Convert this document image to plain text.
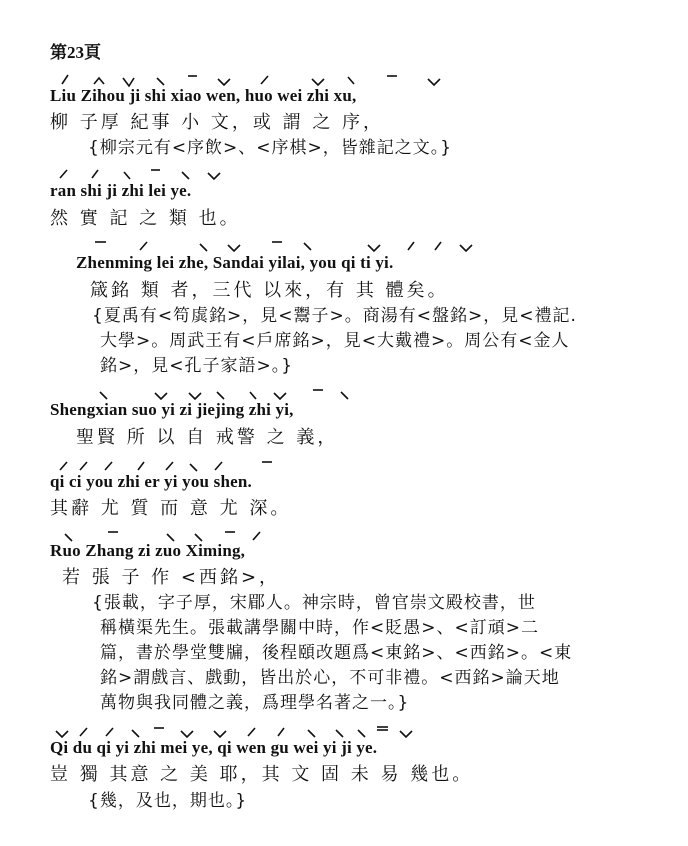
第23頁
Liu Zihou ji shi xiao wen, huo wei zhi xu,
柳 子厚 紀事 小 文，或 謂 之 序，
{柳宗元有<序飲>、<序棋>，皆雜記之文。}
ran shi ji zhi lei ye.
然 實 記 之 類 也。
Zhenming lei zhe, Sandai yilai, you qi ti yi.
箴銘 類 者，三代 以來，有 其 體矣。
{夏禹有<笱虡銘>，見<鬻子>。商湯有<盤銘>，見<禮記.
大學>。周武王有<戶席銘>，見<大戴禮>。周公有<金人
銘>，見<孔子家語>。}
Shengxian suo yi zi jiejing zhi yi,
聖賢 所 以 自 戒警 之 義，
qi ci you zhi er yi you shen.
其辭 尤 質 而 意 尤 深。
Ruo Zhang zi zuo Ximing,
若 張 子 作 <西銘>，
{張載，字子厚，宋郿人。神宗時，曾官崇文殿校書，世
稱橫渠先生。張載講學關中時，作<貶愚>、<訂頑>二
篇，書於學堂雙牖，後程頤改題爲<東銘>、<西銘>。<東
銘>謂戲言、戲動，皆出於心，不可非禮。<西銘>論天地
萬物與我同體之義，爲理學名著之一。}
Qi du qi yi zhi mei ye, qi wen gu wei yi ji ye.
豈 獨 其意 之 美 耶，其 文 固 未 易 幾也。
{幾，及也，期也。}
